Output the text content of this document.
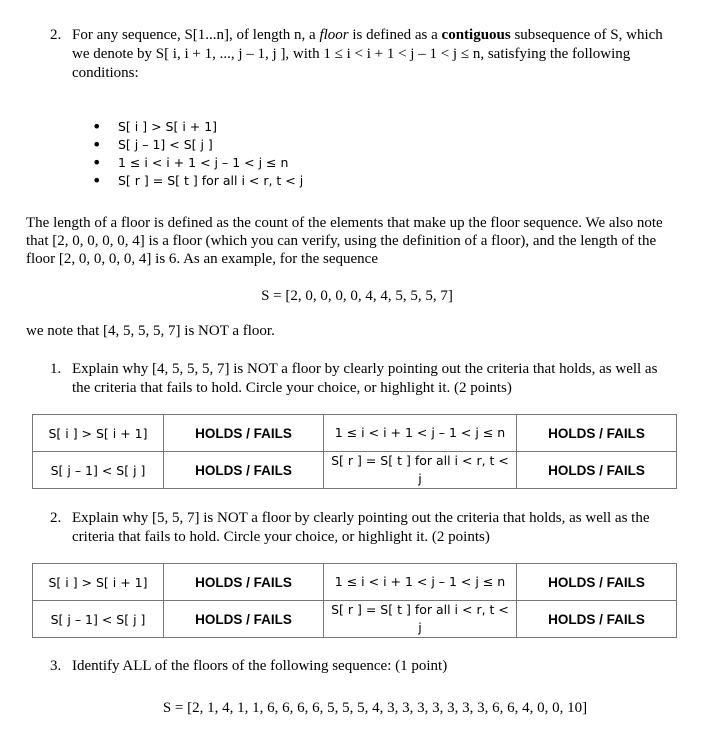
2. For any sequence, S[1...n], of length n, a floor is defined as a contiguous subsequence of S, which we denote by S[ i, i + 1, ..., j – 1, j ], with 1 ≤ i < i + 1 < j – 1 < j ≤ n, satisfying the following conditions:
• S[ i ] > S[ i + 1]
• S[ j – 1] < S[ j ]
• 1 ≤ i < i + 1 < j – 1 < j ≤ n
• S[ r ] = S[ t ] for all i < r, t < j
The length of a floor is defined as the count of the elements that make up the floor sequence. We also note that [2, 0, 0, 0, 0, 4] is a floor (which you can verify, using the definition of a floor), and the length of the floor [2, 0, 0, 0, 0, 4] is 6. As an example, for the sequence
S = [2, 0, 0, 0, 0, 4, 4, 5, 5, 5, 7]
we note that [4, 5, 5, 5, 7] is NOT a floor.
1. Explain why [4, 5, 5, 5, 7] is NOT a floor by clearly pointing out the criteria that holds, as well as the criteria that fails to hold. Circle your choice, or highlight it. (2 points)
S[ i ] > S[ i + 1]	HOLDS / FAILS	1 ≤ i < i + 1 < j – 1 < j ≤ n	HOLDS / FAILS
S[ j – 1] < S[ j ]	HOLDS / FAILS	S[ r ] = S[ t ] for all i < r, t < j	HOLDS / FAILS
2. Explain why [5, 5, 7] is NOT a floor by clearly pointing out the criteria that holds, as well as the criteria that fails to hold. Circle your choice, or highlight it. (2 points)
S[ i ] > S[ i + 1]	HOLDS / FAILS	1 ≤ i < i + 1 < j – 1 < j ≤ n	HOLDS / FAILS
S[ j – 1] < S[ j ]	HOLDS / FAILS	S[ r ] = S[ t ] for all i < r, t < j	HOLDS / FAILS
3. Identify ALL of the floors of the following sequence: (1 point)
S = [2, 1, 4, 1, 1, 6, 6, 6, 6, 5, 5, 5, 4, 3, 3, 3, 3, 3, 3, 3, 6, 6, 4, 0, 0, 10]
